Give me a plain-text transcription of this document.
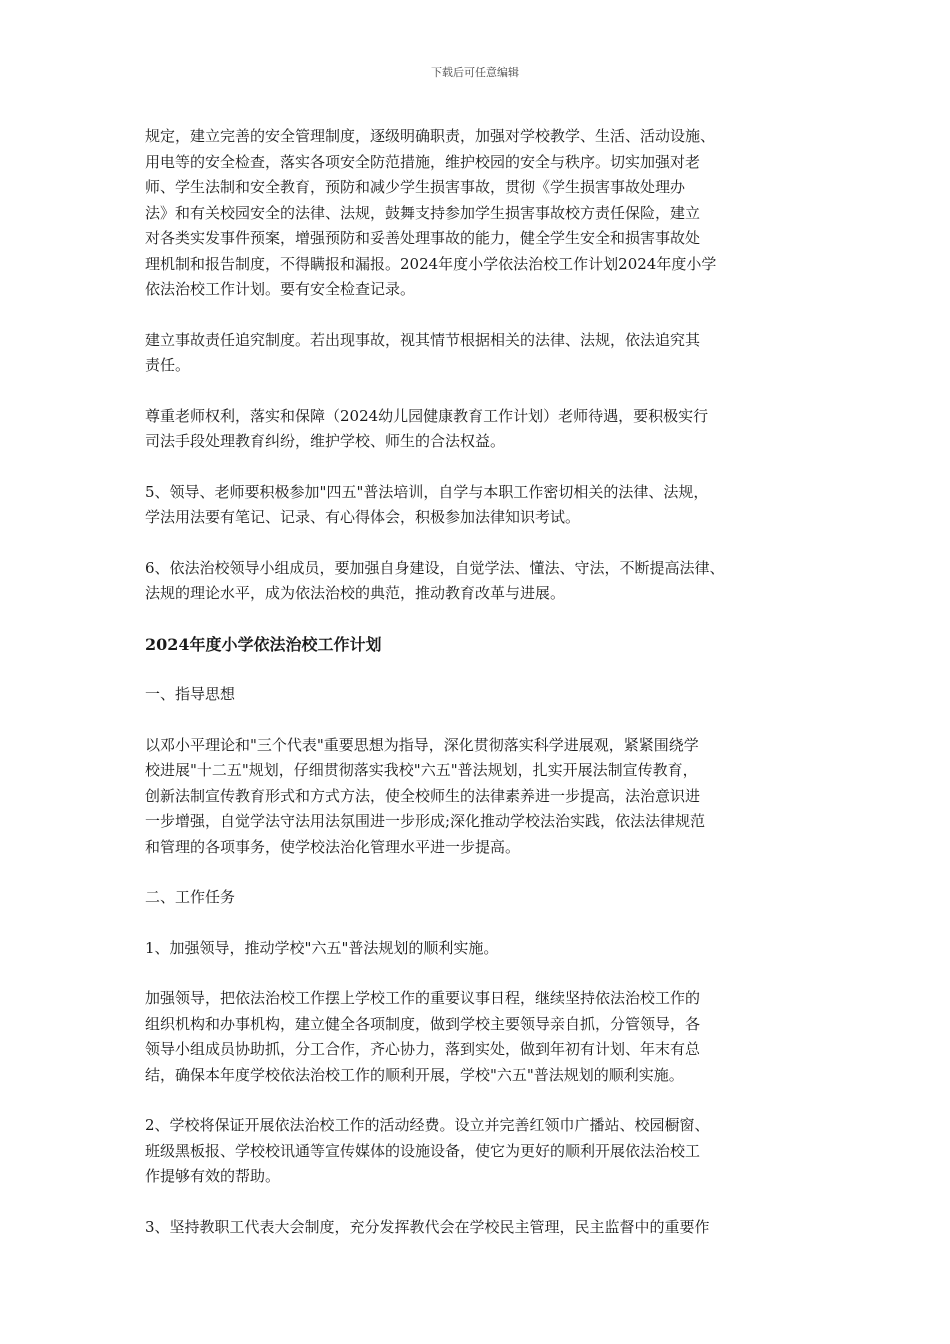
下载后可任意编辑

规定，建立完善的安全管理制度，逐级明确职责，加强对学校教学、生活、活动设施、
用电等的安全检查，落实各项安全防范措施，维护校园的安全与秩序。切实加强对老
师、学生法制和安全教育，预防和减少学生损害事故，贯彻《学生损害事故处理办
法》和有关校园安全的法律、法规，鼓舞支持参加学生损害事故校方责任保险，建立
对各类实发事件预案，增强预防和妥善处理事故的能力，健全学生安全和损害事故处
理机制和报告制度，不得瞒报和漏报。2024年度小学依法治校工作计划2024年度小学
依法治校工作计划。要有安全检查记录。

建立事故责任追究制度。若出现事故，视其情节根据相关的法律、法规，依法追究其
责任。

尊重老师权利，落实和保障（2024幼儿园健康教育工作计划）老师待遇，要积极实行
司法手段处理教育纠纷，维护学校、师生的合法权益。

5、领导、老师要积极参加"四五"普法培训，自学与本职工作密切相关的法律、法规，
学法用法要有笔记、记录、有心得体会，积极参加法律知识考试。

6、依法治校领导小组成员，要加强自身建设，自觉学法、懂法、守法，不断提高法律、
法规的理论水平，成为依法治校的典范，推动教育改革与进展。

2024年度小学依法治校工作计划

一、指导思想

以邓小平理论和"三个代表"重要思想为指导，深化贯彻落实科学进展观，紧紧围绕学
校进展"十二五"规划，仔细贯彻落实我校"六五"普法规划，扎实开展法制宣传教育，
创新法制宣传教育形式和方式方法，使全校师生的法律素养进一步提高，法治意识进
一步增强，自觉学法守法用法氛围进一步形成;深化推动学校法治实践，依法法律规范
和管理的各项事务，使学校法治化管理水平进一步提高。

二、工作任务

1、加强领导，推动学校"六五"普法规划的顺利实施。

加强领导，把依法治校工作摆上学校工作的重要议事日程，继续坚持依法治校工作的
组织机构和办事机构，建立健全各项制度，做到学校主要领导亲自抓，分管领导，各
领导小组成员协助抓，分工合作，齐心协力，落到实处，做到年初有计划、年末有总
结，确保本年度学校依法治校工作的顺利开展，学校"六五"普法规划的顺利实施。

2、学校将保证开展依法治校工作的活动经费。设立并完善红领巾广播站、校园橱窗、
班级黑板报、学校校讯通等宣传媒体的设施设备，使它为更好的顺利开展依法治校工
作提够有效的帮助。

3、坚持教职工代表大会制度，充分发挥教代会在学校民主管理，民主监督中的重要作
